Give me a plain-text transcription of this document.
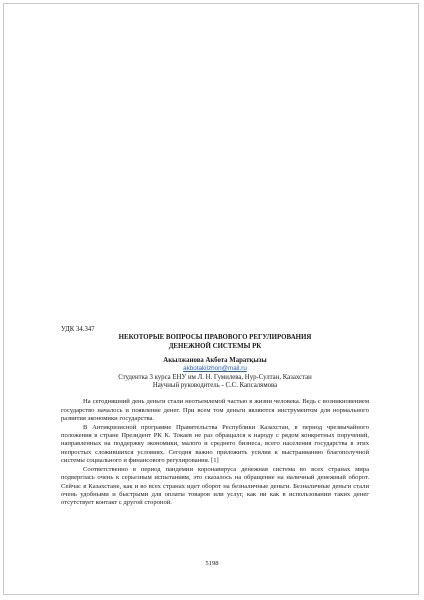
УДК 34.347

НЕКОТОРЫЕ ВОПРОСЫ ПРАВОВОГО РЕГУЛИРОВАНИЯ

ДЕНЕЖНОЙ СИСТЕМЫ РК

Акылжанова Акбота Маратқызы

akbotakilzhon@mail.ru

Студентка 3 курса ЕНУ им Л. Н. Гумилева, Нур-Султан, Казахстан

Научный руководитель - С.С. Капсалямова

На сегодняшний день деньги стали неотъемлемой частью в жизни человека. Ведь с возникновением государство началось и появление денег. При всем том деньги являются инструментом для нормального развития экономики государства.

В Антикризисной программе Правительства Республики Казахстан, в период чрезвычайного положения в стране Президент РК К. Токаев не раз обращался к народу с рядом конкретных поручений, направленных на поддержку экономики, малого и среднего бизнеса, всего населения государства в этих непростых сложившихся условиях. Сегодня важно приложить усилия к выстраиванию благополучной системы социального и финансового регулирования. [1]

Соответственно в период пандемии коронавируса денежная система во всех странах мира подверглась очень к серьезным испытаниям, это сказалось на обращение на наличный денежный оборот. Сейчас в Казахстане, как и во всех странах идет оборот на безналичные деньги. Безналичные деньги стали очень удобными и быстрыми для оплаты товаров или услуг, как ни как в использовании таких денег отсутствует контакт с другой стороной.

5198
